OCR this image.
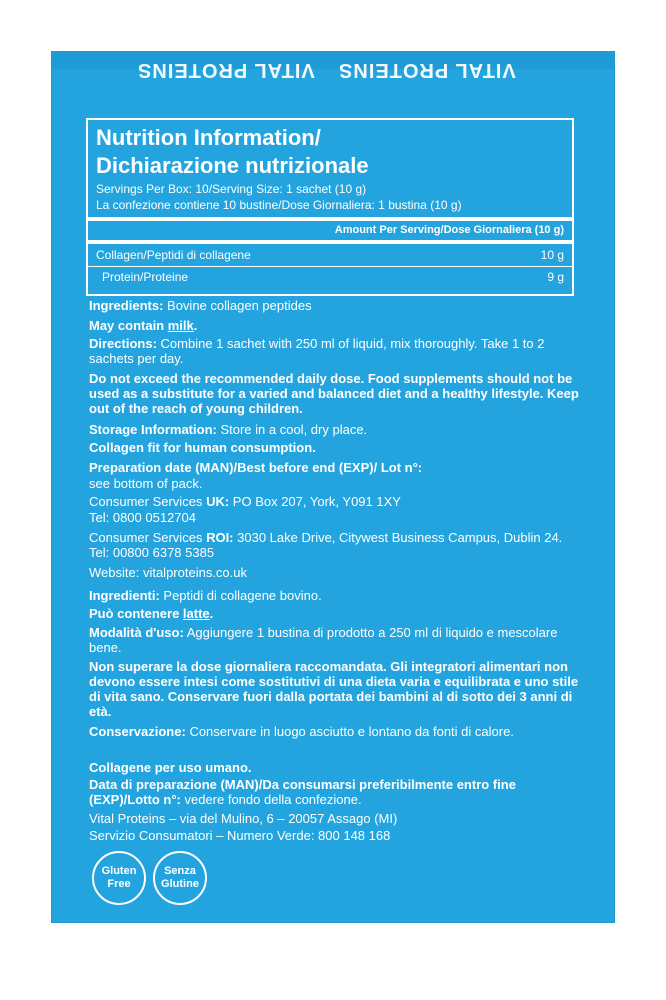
VITAL PROTEINS
VITAL PROTEINS
Nutrition Information/
Dichiarazione nutrizionale
Servings Per Box: 10/Serving Size: 1 sachet (10 g)
La confezione contiene 10 bustine/Dose Giornaliera: 1 bustina (10 g)
Amount Per Serving/Dose Giornaliera (10 g)
Collagen/Peptidi di collagene	10 g
Protein/Proteine	9 g
Ingredients: Bovine collagen peptides
May contain milk.
Directions: Combine 1 sachet with 250 ml of liquid, mix thoroughly. Take 1 to 2 sachets per day.
Do not exceed the recommended daily dose. Food supplements should not be used as a substitute for a varied and balanced diet and a healthy lifestyle. Keep out of the reach of young children.
Storage Information: Store in a cool, dry place.
Collagen fit for human consumption.
Preparation date (MAN)/Best before end (EXP)/ Lot n°:
see bottom of pack.
Consumer Services UK: PO Box 207, York, Y091 1XY
Tel: 0800 0512704
Consumer Services ROI: 3030 Lake Drive, Citywest Business Campus, Dublin 24. Tel: 00800 6378 5385
Website: vitalproteins.co.uk
Ingredienti: Peptidi di collagene bovino.
Può contenere latte.
Modalità d'uso: Aggiungere 1 bustina di prodotto a 250 ml di liquido e mescolare bene.
Non superare la dose giornaliera raccomandata. Gli integratori alimentari non devono essere intesi come sostitutivi di una dieta varia e equilibrata e uno stile di vita sano. Conservare fuori dalla portata dei bambini al di sotto dei 3 anni di età.
Conservazione: Conservare in luogo asciutto e lontano da fonti di calore.
Collagene per uso umano.
Data di preparazione (MAN)/Da consumarsi preferibilmente entro fine (EXP)/Lotto n°: vedere fondo della confezione.
Vital Proteins – via del Mulino, 6 – 20057 Assago (MI)
Servizio Consumatori – Numero Verde: 800 148 168
Gluten
Free
Senza
Glutine
